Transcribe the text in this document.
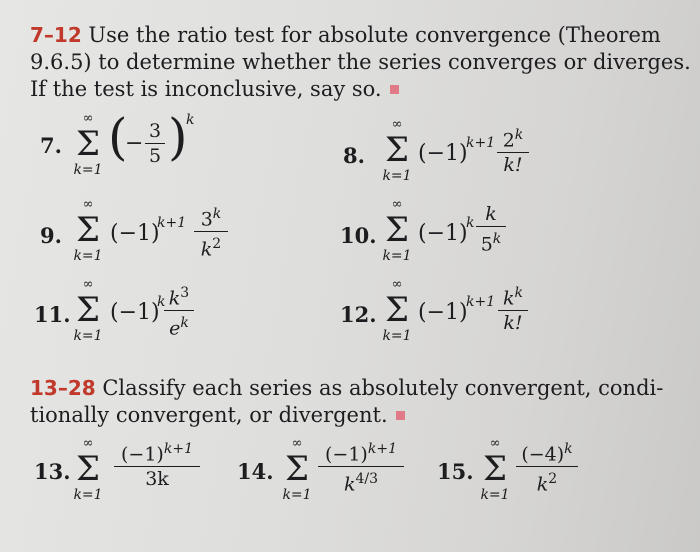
7–12 Use the ratio test for absolute convergence (Theorem
9.6.5) to determine whether the series converges or diverges.
If the test is inconclusive, say so.
7.
∞
Σ
k=1
(
− 3
5 )
k
8.
∞
Σ
k=1
(−1)
k+1 2$^k$
k!
9.
∞
Σ
k=1
(−1)
k+1 3$^k$
$k^2$	10.
∞
Σ
k=1
(−1)
k k
5$^k$
11.
∞
Σ
k=1
(−1)
k $k^3$
$e^k$	12.
∞
Σ
k=1
(−1)
k+1 $k^k$
k!
13–28 Classify each series as absolutely convergent, condi-
tionally convergent, or divergent.
13.
∞
Σ
k=1
$(-1)^{k+1}$
3k	14.
∞
Σ
k=1
$(-1)^{k+1}$
$k^{4/3}$	15.
∞
Σ
k=1
$(-4)^k$
$k^2$
